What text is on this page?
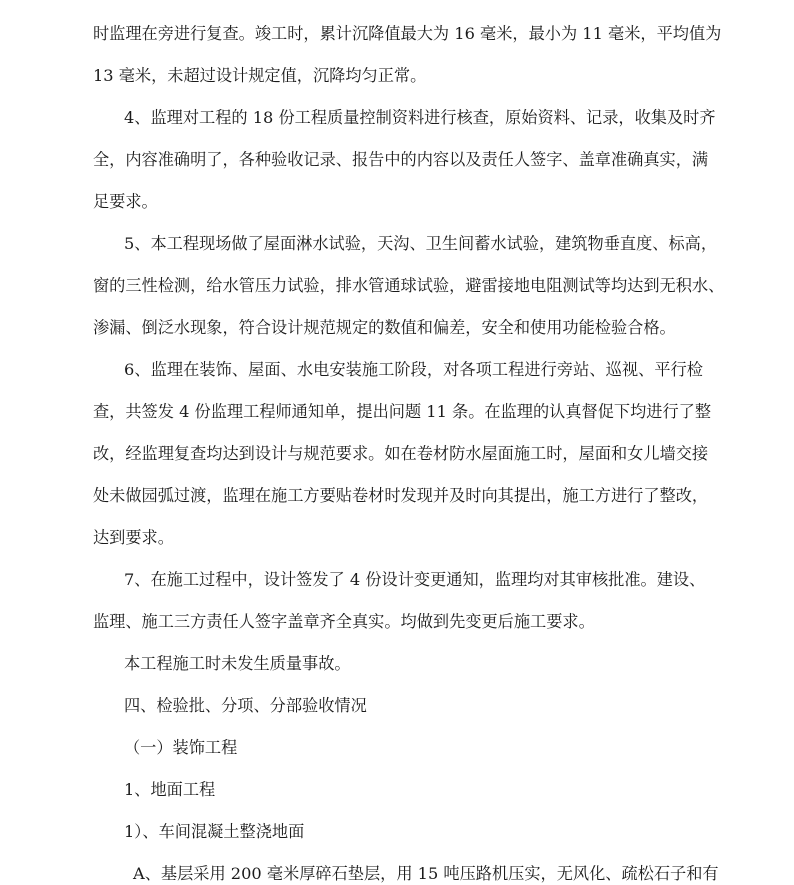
时监理在旁进行复查。竣工时，累计沉降值最大为 16 毫米，最小为 11 毫米，平均值为
13 毫米，未超过设计规定值，沉降均匀正常。
4、监理对工程的 18 份工程质量控制资料进行核查，原始资料、记录，收集及时齐
全，内容准确明了，各种验收记录、报告中的内容以及责任人签字、盖章准确真实，满
足要求。
5、本工程现场做了屋面淋水试验，天沟、卫生间蓄水试验，建筑物垂直度、标高，
窗的三性检测，给水管压力试验，排水管通球试验，避雷接地电阻测试等均达到无积水、
渗漏、倒泛水现象，符合设计规范规定的数值和偏差，安全和使用功能检验合格。
6、监理在装饰、屋面、水电安装施工阶段，对各项工程进行旁站、巡视、平行检
查，共签发 4 份监理工程师通知单，提出问题 11 条。在监理的认真督促下均进行了整
改，经监理复查均达到设计与规范要求。如在卷材防水屋面施工时，屋面和女儿墙交接
处未做园弧过渡，监理在施工方要贴卷材时发现并及时向其提出，施工方进行了整改，
达到要求。
7、在施工过程中，设计签发了 4 份设计变更通知，监理均对其审核批准。建设、
监理、施工三方责任人签字盖章齐全真实。均做到先变更后施工要求。
本工程施工时未发生质量事故。
四、检验批、分项、分部验收情况
（一）装饰工程
1、地面工程
1）、车间混凝土整浇地面
A、基层采用 200 毫米厚碎石垫层，用 15 吨压路机压实，无风化、疏松石子和有
